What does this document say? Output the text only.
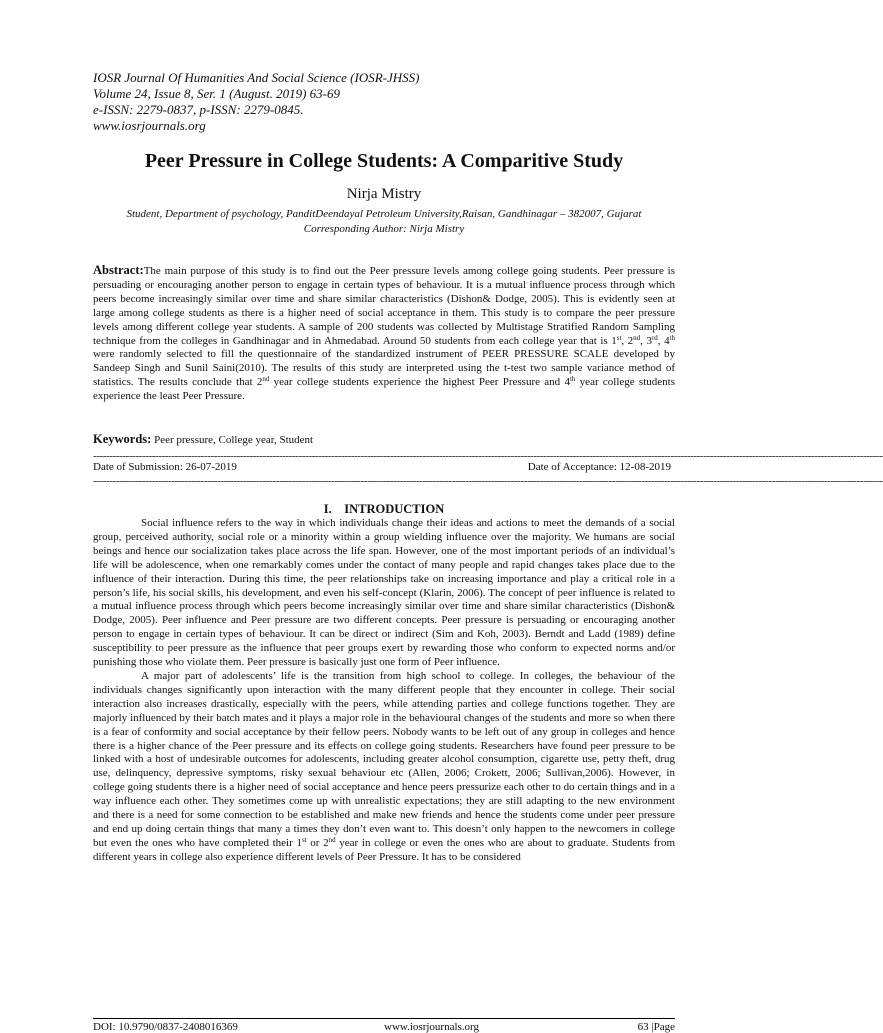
IOSR Journal Of Humanities And Social Science (IOSR-JHSS)
Volume 24, Issue 8, Ser. 1 (August. 2019) 63-69
e-ISSN: 2279-0837, p-ISSN: 2279-0845.
www.iosrjournals.org
Peer Pressure in College Students: A Comparitive Study
Nirja Mistry
Student, Department of psychology, PanditDeendayal Petroleum University,Raisan, Gandhinagar – 382007, Gujarat
Corresponding Author: Nirja Mistry
Abstract:The main purpose of this study is to find out the Peer pressure levels among college going students. Peer pressure is persuading or encouraging another person to engage in certain types of behaviour. It is a mutual influence process through which peers become increasingly similar over time and share similar characteristics (Dishon& Dodge, 2005). This is evidently seen at large among college students as there is a higher need of social acceptance in them. This study is to compare the peer pressure levels among different college year students. A sample of 200 students was collected by Multistage Stratified Random Sampling technique from the colleges in Gandhinagar and in Ahmedabad. Around 50 students from each college year that is 1st, 2nd, 3rd, 4th were randomly selected to fill the questionnaire of the standardized instrument of PEER PRESSURE SCALE developed by Sandeep Singh and Sunil Saini(2010). The results of this study are interpreted using the t-test two sample variance method of statistics. The results conclude that 2nd year college students experience the highest Peer Pressure and 4th year college students experience the least Peer Pressure.
Keywords: Peer pressure, College year, Student
--------------------------------------------------------------------------------------------------------------------------------------------------------------------------------------------------------------------------------------------------
Date of Submission: 26-07-2019	Date of Acceptance: 12-08-2019
--------------------------------------------------------------------------------------------------------------------------------------------------------------------------------------------------------------------------------------------------
I.    INTRODUCTION

Social influence refers to the way in which individuals change their ideas and actions to meet the demands of a social group, perceived authority, social role or a minority within a group wielding influence over the majority. We humans are social beings and hence our socialization takes place across the life span. However, one of the most important periods of an individual’s life will be adolescence, when one remarkably comes under the contact of many people and rapid changes takes place due to the influence of their interaction. During this time, the peer relationships take on increasing importance and play a critical role in a person’s life, his social skills, his development, and even his self-concept (Klarin, 2006). The concept of peer influence is related to a mutual influence process through which peers become increasingly similar over time and share similar characteristics (Dishon& Dodge, 2005). Peer influence and Peer pressure are two different concepts. Peer pressure is persuading or encouraging another person to engage in certain types of behaviour. It can be direct or indirect (Sim and Koh, 2003). Berndt and Ladd (1989) define susceptibility to peer pressure as the influence that peer groups exert by rewarding those who conform to expected norms and/or punishing those who violate them. Peer pressure is basically just one form of Peer influence.

A major part of adolescents’ life is the transition from high school to college. In colleges, the behaviour of the individuals changes significantly upon interaction with the many different people that they encounter in college. Their social interaction also increases drastically, especially with the peers, while attending parties and college functions together. They are majorly influenced by their batch mates and it plays a major role in the behavioural changes of the students and more so when there is a fear of conformity and social acceptance by their fellow peers. Nobody wants to be left out of any group in colleges and hence there is a higher chance of the Peer pressure and its effects on college going students. Researchers have found peer pressure to be linked with a host of undesirable outcomes for adolescents, including greater alcohol consumption, cigarette use, petty theft, drug use, delinquency, depressive symptoms, risky sexual behaviour etc (Allen, 2006; Crokett, 2006; Sullivan,2006). However, in college going students there is a higher need of social acceptance and hence peers pressurize each other to do certain things and in a way influence each other. They sometimes come up with unrealistic expectations; they are still adapting to the new environment and there is a need for some connection to be established and make new friends and hence the students come under peer pressure and end up doing certain things that many a times they don’t even want to. This doesn’t only happen to the newcomers in college but even the ones who have completed their 1st or 2nd year in college or even the ones who are about to graduate. Students from different years in college also experience different levels of Peer Pressure. It has to be considered

DOI: 10.9790/0837-2408016369	www.iosrjournals.org	63 |Page
